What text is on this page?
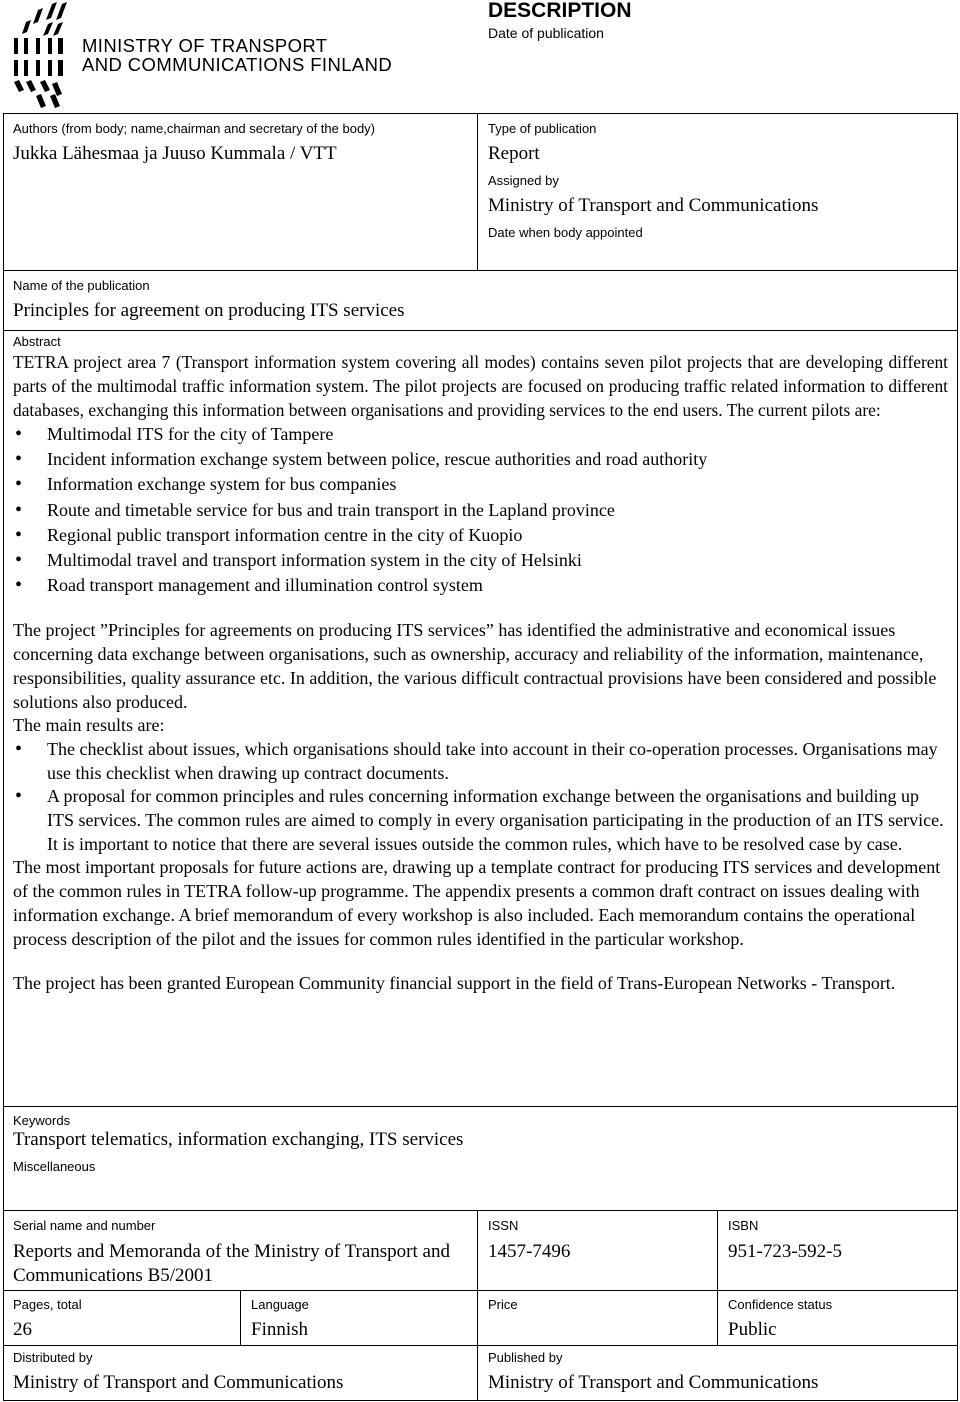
MINISTRY OF TRANSPORT
AND COMMUNICATIONS FINLAND
DESCRIPTION
Date of publication
Authors (from body; name,chairman and secretary of the body)
Jukka Lähesmaa ja Juuso Kummala / VTT
Type of publication
Report
Assigned by
Ministry of Transport and Communications
Date when body appointed
Name of the publication
Principles for agreement on producing ITS services
Abstract

TETRA project area 7 (Transport information system covering all modes) contains seven pilot projects that are developing different parts of the multimodal traffic information system. The pilot projects are focused on producing traffic related information to different databases, exchanging this information between organisations and providing services to the end users. The current pilots are:

• Multimodal ITS for the city of Tampere
• Incident information exchange system between police, rescue authorities and road authority
• Information exchange system for bus companies
• Route and timetable service for bus and train transport in the Lapland province
• Regional public transport information centre in the city of Kuopio
• Multimodal travel and transport information system in the city of Helsinki
• Road transport management and illumination control system

The project ”Principles for agreements on producing ITS services” has identified the administrative and economical issues concerning data exchange between organisations, such as ownership, accuracy and reliability of the information, maintenance, responsibilities, quality assurance etc. In addition, the various difficult contractual provisions have been considered and possible solutions also produced.

The main results are:

• The checklist about issues, which organisations should take into account in their co-operation processes. Organisations may use this checklist when drawing up contract documents.
• A proposal for common principles and rules concerning information exchange between the organisations and building up ITS services. The common rules are aimed to comply in every organisation participating in the production of an ITS service. It is important to notice that there are several issues outside the common rules, which have to be resolved case by case.

The most important proposals for future actions are, drawing up a template contract for producing ITS services and development of the common rules in TETRA follow-up programme. The appendix presents a common draft contract on issues dealing with information exchange. A brief memorandum of every workshop is also included. Each memorandum contains the operational process description of the pilot and the issues for common rules identified in the particular workshop.

The project has been granted European Community financial support in the field of Trans-European Networks - Transport.

Keywords
Transport telematics, information exchanging, ITS services
Miscellaneous
Serial name and number
Reports and Memoranda of the Ministry of Transport and Communications B5/2001
ISSN
1457-7496
ISBN
951-723-592-5
Pages, total
26
Language
Finnish
Price	Confidence status
Public
Distributed by
Ministry of Transport and Communications
Published by
Ministry of Transport and Communications
